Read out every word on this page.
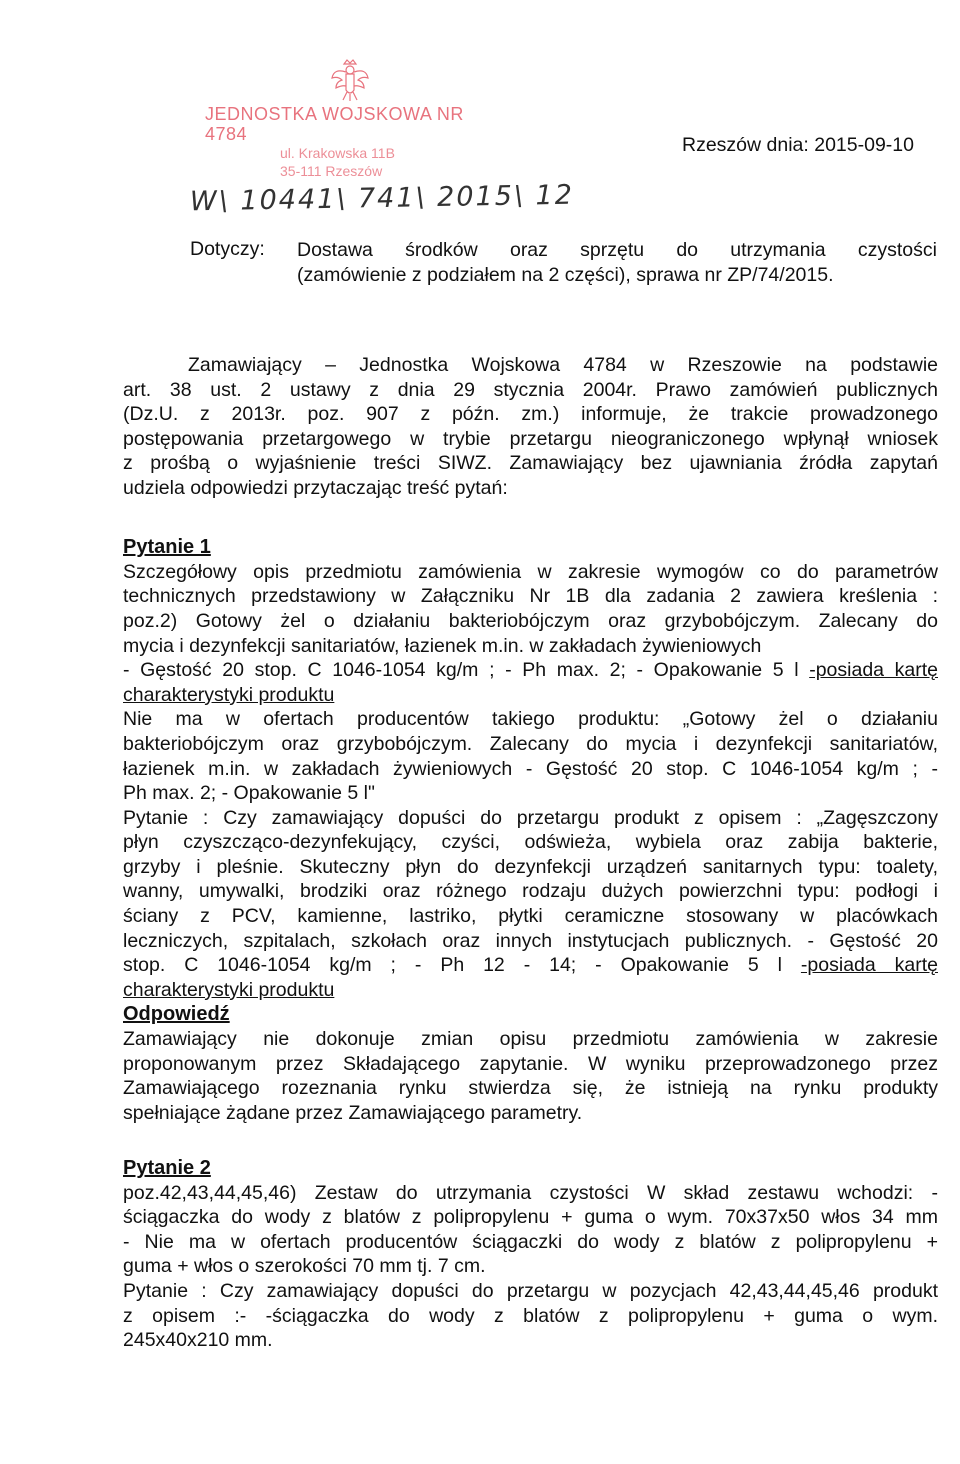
JEDNOSTKA WOJSKOWA NR 4784
ul. Krakowska 11B
35-111 Rzeszów
Rzeszów dnia: 2015-09-10
W\ 10441\ 741\ 2015\ 12
Dotyczy: Dostawa środków oraz sprzętu do utrzymania czystości
(zamówienie z podziałem na 2 części), sprawa nr ZP/74/2015.
Zamawiający – Jednostka Wojskowa 4784 w Rzeszowie na podstawie
art. 38 ust. 2 ustawy z dnia 29 stycznia 2004r. Prawo zamówień publicznych
(Dz.U. z 2013r. poz. 907 z późn. zm.) informuje, że trakcie prowadzonego
postępowania przetargowego w trybie przetargu nieograniczonego wpłynął wniosek
z prośbą o wyjaśnienie treści SIWZ. Zamawiający bez ujawniania źródła zapytań
udziela odpowiedzi przytaczając treść pytań:
Pytanie 1
Szczegółowy opis przedmiotu zamówienia w zakresie wymogów co do parametrów
technicznych przedstawiony w Załączniku Nr 1B dla zadania 2 zawiera kreślenia :
poz.2) Gotowy żel o działaniu bakteriobójczym oraz grzybobójczym. Zalecany do
mycia i dezynfekcji sanitariatów, łazienek m.in. w zakładach żywieniowych
- Gęstość 20 stop. C 1046-1054 kg/m ; - Ph max. 2; - Opakowanie 5 l -posiada kartę
charakterystyki produktu
Nie ma w ofertach producentów takiego produktu: „Gotowy żel o działaniu
bakteriobójczym oraz grzybobójczym. Zalecany do mycia i dezynfekcji sanitariatów,
łazienek m.in. w zakładach żywieniowych - Gęstość 20 stop. C 1046-1054 kg/m ; -
Ph max. 2; - Opakowanie 5 l"
Pytanie : Czy zamawiający dopuści do przetargu produkt z opisem : „Zagęszczony
płyn czyszcząco-dezynfekujący, czyści, odświeża, wybiela oraz zabija bakterie,
grzyby i pleśnie. Skuteczny płyn do dezynfekcji urządzeń sanitarnych typu: toalety,
wanny, umywalki, brodziki oraz różnego rodzaju dużych powierzchni typu: podłogi i
ściany z PCV, kamienne, lastriko, płytki ceramiczne stosowany w placówkach
leczniczych, szpitalach, szkołach oraz innych instytucjach publicznych. - Gęstość 20
stop. C 1046-1054 kg/m ; - Ph 12 - 14; - Opakowanie 5 l -posiada kartę
charakterystyki produktu
Odpowiedź
Zamawiający nie dokonuje zmian opisu przedmiotu zamówienia w zakresie
proponowanym przez Składającego zapytanie. W wyniku przeprowadzonego przez
Zamawiającego rozeznania rynku stwierdza się, że istnieją na rynku produkty
spełniające żądane przez Zamawiającego parametry.
Pytanie 2
poz.42,43,44,45,46) Zestaw do utrzymania czystości W skład zestawu wchodzi: -
ściągaczka do wody z blatów z polipropylenu + guma o wym. 70x37x50 włos 34 mm
- Nie ma w ofertach producentów ściągaczki do wody z blatów z polipropylenu +
guma + włos o szerokości 70 mm tj. 7 cm.
Pytanie : Czy zamawiający dopuści do przetargu w pozycjach 42,43,44,45,46 produkt
z opisem :- -ściągaczka do wody z blatów z polipropylenu + guma o wym.
245x40x210 mm.
